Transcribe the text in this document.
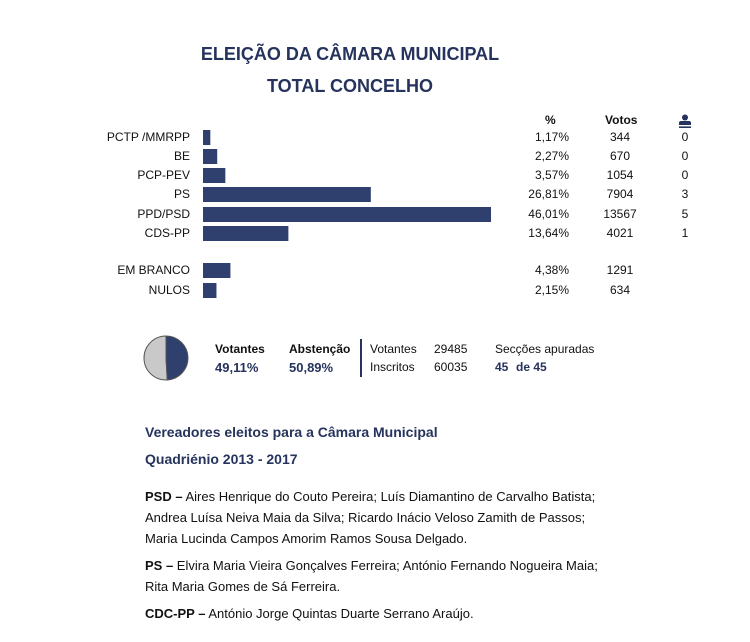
ELEIÇÃO DA CÂMARA MUNICIPAL
TOTAL CONCELHO
%	Votos
PCTP /MMRPP	1,17%	344	0
BE	2,27%	670	0
PCP-PEV	3,57%	1054	0
PS	26,81%	7904	3
PPD/PSD	46,01%	13567	5
CDS-PP	13,64%	4021	1
EM BRANCO	4,38%	1291
NULOS	2,15%	634
Votantes
49,11%
Abstenção
50,89%
Votantes 29485
Inscritos 60035
Secções apuradas
45 de 45
Vereadores eleitos para a Câmara Municipal
Quadriénio 2013 - 2017
PSD – Aires Henrique do Couto Pereira; Luís Diamantino de Carvalho Batista; Andrea Luísa Neiva Maia da Silva; Ricardo Inácio Veloso Zamith de Passos; Maria Lucinda Campos Amorim Ramos Sousa Delgado.
PS – Elvira Maria Vieira Gonçalves Ferreira; António Fernando Nogueira Maia; Rita Maria Gomes de Sá Ferreira.
CDC-PP – António Jorge Quintas Duarte Serrano Araújo.
